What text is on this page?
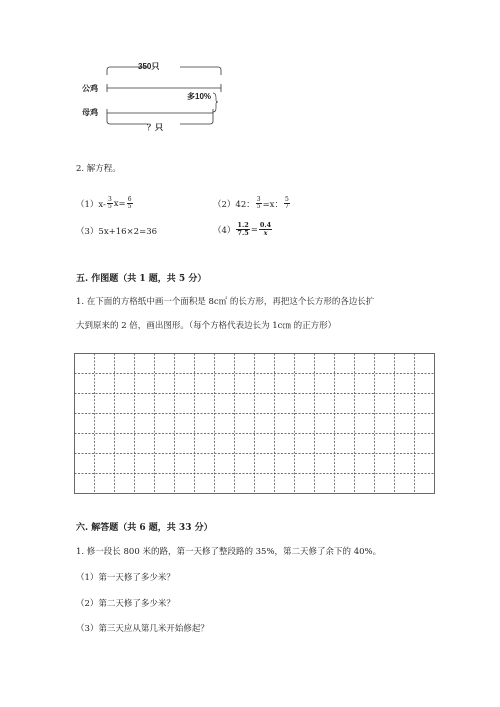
350只
公鸡
母鸡
多10%
？只
2. 解方程。
$(1)x- \frac{3}{5} x= \frac{6}{5}$	（2）42： $\frac{3}{5} =x$： $\frac{5}{7}$
（3）5x+16×2=36	$(4) \frac{1.2}{7.5} = \frac{0.4}{x}$
五. 作图题（共 1 题，共 5 分）
1. 在下面的方格纸中画一个面积是 8c㎡ 的长方形，再把这个长方形的各边长扩
大到原来的 2 倍，画出图形。（每个方格代表边长为 1c㎝ 的正方形）
六. 解答题（共 6 题，共 33 分）
1. 修一段长 800 米的路，第一天修了整段路的 35%，第二天修了余下的 40%。
（1）第一天修了多少米？
（2）第二天修了多少米？
（3）第三天应从第几米开始修起？
